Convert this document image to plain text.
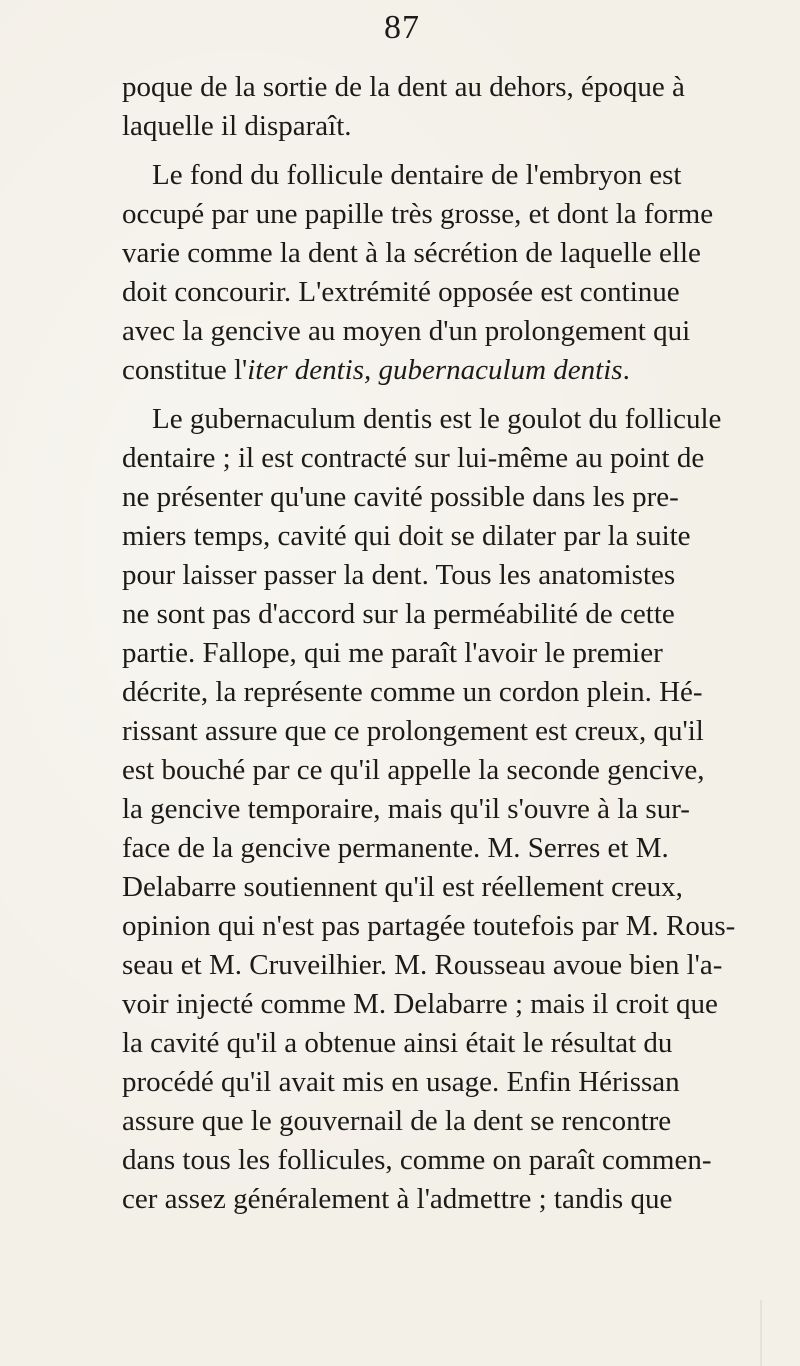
87
poque de la sortie de la dent au dehors, époque à
laquelle il disparaît.
Le fond du follicule dentaire de l'embryon est
occupé par une papille très grosse, et dont la forme
varie comme la dent à la sécrétion de laquelle elle
doit concourir. L'extrémité opposée est continue
avec la gencive au moyen d'un prolongement qui
constitue l'iter dentis, gubernaculum dentis.
Le gubernaculum dentis est le goulot du follicule
dentaire ; il est contracté sur lui-même au point de
ne présenter qu'une cavité possible dans les pre-
miers temps, cavité qui doit se dilater par la suite
pour laisser passer la dent. Tous les anatomistes
ne sont pas d'accord sur la perméabilité de cette
partie. Fallope, qui me paraît l'avoir le premier
décrite, la représente comme un cordon plein. Hé-
rissant assure que ce prolongement est creux, qu'il
est bouché par ce qu'il appelle la seconde gencive,
la gencive temporaire, mais qu'il s'ouvre à la sur-
face de la gencive permanente. M. Serres et M.
Delabarre soutiennent qu'il est réellement creux,
opinion qui n'est pas partagée toutefois par M. Rous-
seau et M. Cruveilhier. M. Rousseau avoue bien l'a-
voir injecté comme M. Delabarre ; mais il croit que
la cavité qu'il a obtenue ainsi était le résultat du
procédé qu'il avait mis en usage. Enfin Hérissan
assure que le gouvernail de la dent se rencontre
dans tous les follicules, comme on paraît commen-
cer assez généralement à l'admettre ; tandis que
